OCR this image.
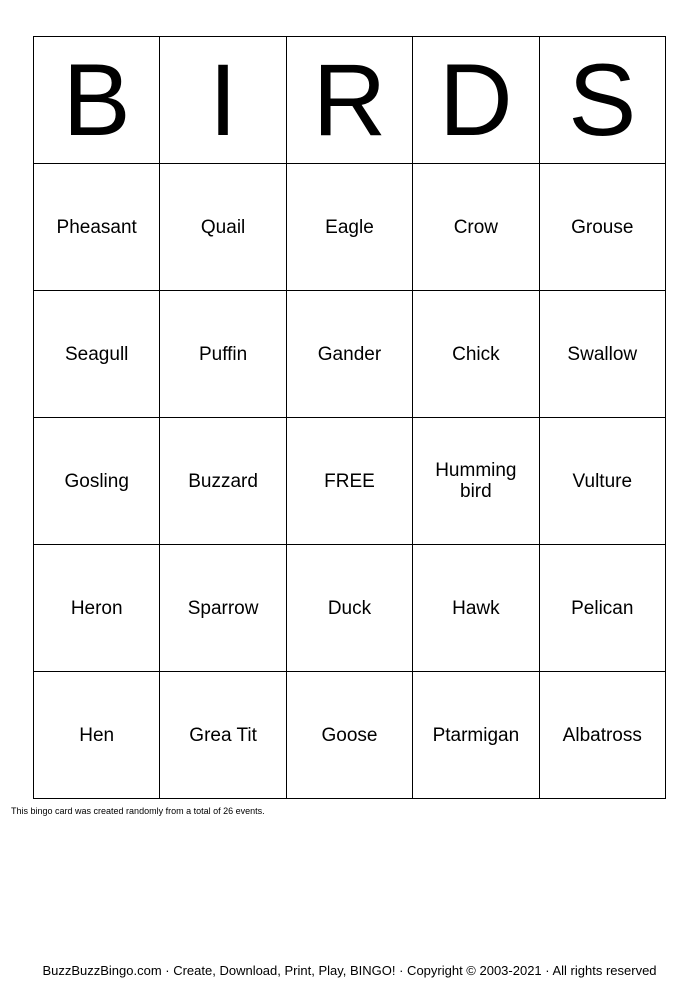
B	I	R	D	S
Pheasant	Quail	Eagle	Crow	Grouse
Seagull	Puffin	Gander	Chick	Swallow
Gosling	Buzzard	FREE	Humming bird	Vulture
Heron	Sparrow	Duck	Hawk	Pelican
Hen	Grea Tit	Goose	Ptarmigan	Albatross
This bingo card was created randomly from a total of 26 events.
BuzzBuzzBingo.com · Create, Download, Print, Play, BINGO! · Copyright © 2003-2021 · All rights reserved
